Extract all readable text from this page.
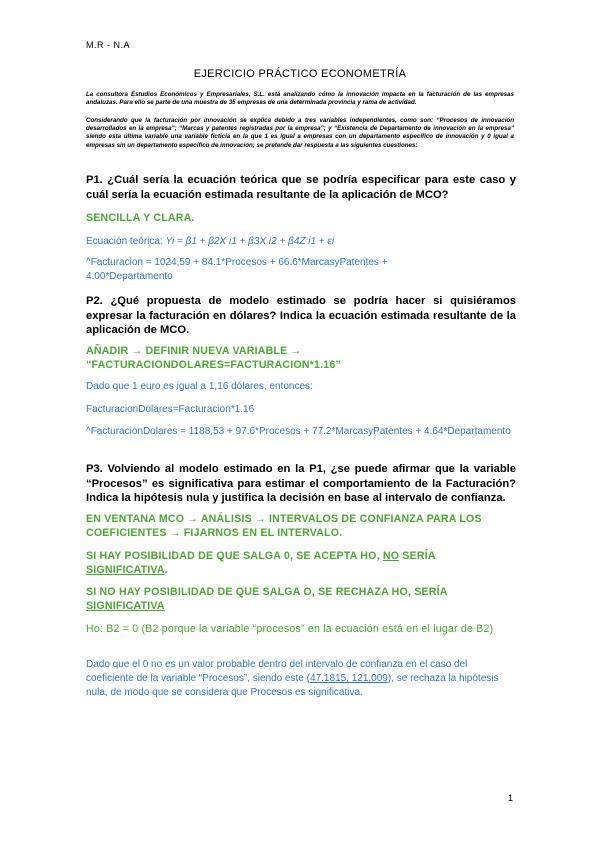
M.R - N.A
EJERCICIO PRÁCTICO ECONOMETRÍA
La consultora Estudios Económicos y Empresariales, S.L. está analizando cómo la innovación impacta en la facturación de las empresas andaluzas. Para ello se parte de una muestra de 35 empresas de una determinada provincia y rama de actividad.
Considerando que la facturación por innovación se explica debido a tres variables independientes, como son: “Procesos de innovación desarrollados en la empresa”; “Marcas y patentes registradas por la empresa”; y “Existencia de Departamento de innovación en la empresa” siendo esta última variable una variable ficticia en la que 1 es igual a empresas con un departamento específico de innovación y 0 igual a empresas sin un departamento específico de innovación; se pretende dar respuesta a las siguientes cuestiones:
P1. ¿Cuál sería la ecuación teórica que se podría especificar para este caso y cuál sería la ecuación estimada resultante de la aplicación de MCO?
SENCILLA Y CLARA.
Ecuación teórica: Yi = β1 + β2X i1 + β3X i2 + β4Z i1 + εi
^Facturacion = 1024,59 + 84.1*Procesos + 66.6*MarcasyPatentes + 4.00*Departamento
P2. ¿Qué propuesta de modelo estimado se podría hacer si quisiéramos expresar la facturación en dólares? Indica la ecuación estimada resultante de la aplicación de MCO.
AÑADIR → DEFINIR NUEVA VARIABLE → “FACTURACIONDOLARES=FACTURACION*1.16”
Dado que 1 euro es igual a 1,16 dólares, entonces:
FacturacionDolares=Facturacion*1.16
^FacturacionDolares = 1188,53 + 97.6*Procesos + 77.2*MarcasyPatentes + 4.64*Departamento
P3. Volviendo al modelo estimado en la P1, ¿se puede afirmar que la variable “Procesos” es significativa para estimar el comportamiento de la Facturación? Indica la hipótesis nula y justifica la decisión en base al intervalo de confianza.
EN VENTANA MCO → ANÁLISIS → INTERVALOS DE CONFIANZA PARA LOS COEFICIENTES → FIJARNOS EN EL INTERVALO.
SI HAY POSIBILIDAD DE QUE SALGA 0, SE ACEPTA HO, NO SERÍA SIGNIFICATIVA.
SI NO HAY POSIBILIDAD DE QUE SALGA O, SE RECHAZA HO, SERÍA SIGNIFICATIVA
Ho: B2 = 0 (B2 porque la variable “procesos” en la ecuación está en el lugar de B2)
Dado que el 0 no es un valor probable dentro del intervalo de confianza en el caso del coeficiente de la variable “Procesos”, siendo este (47.1815, 121.009), se rechaza la hipótesis nula, de modo que se considera que Procesos es significativa.
1
